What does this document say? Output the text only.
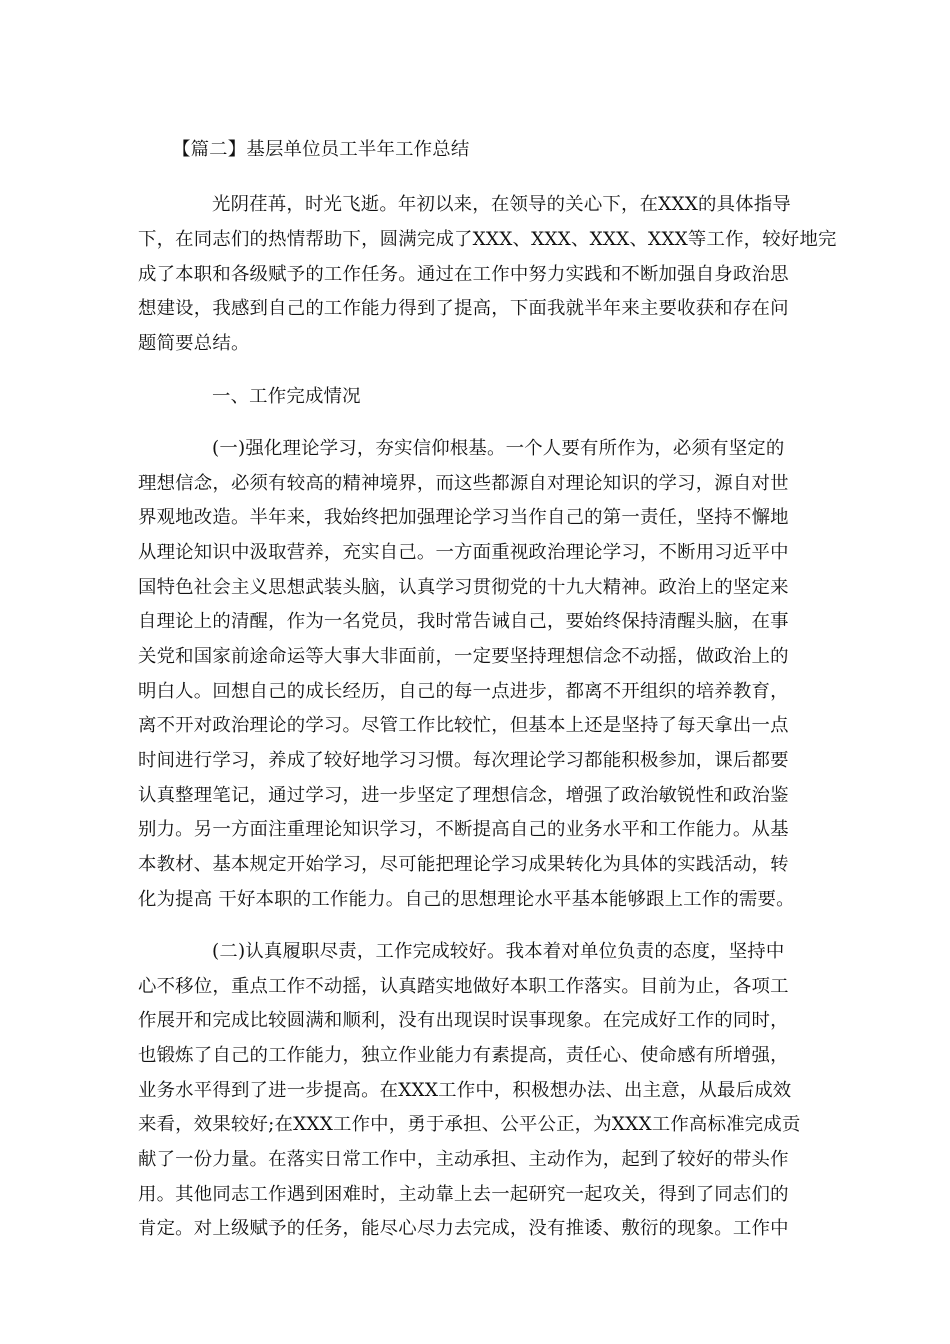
【篇二】基层单位员工半年工作总结
光阴荏苒，时光飞逝。年初以来，在领导的关心下，在XXX的具体指导
下，在同志们的热情帮助下，圆满完成了XXX、XXX、XXX、XXX等工作，较好地完
成了本职和各级赋予的工作任务。通过在工作中努力实践和不断加强自身政治思
想建设，我感到自己的工作能力得到了提高，下面我就半年来主要收获和存在问
题简要总结。
一、工作完成情况
(一)强化理论学习，夯实信仰根基。一个人要有所作为，必须有坚定的
理想信念，必须有较高的精神境界，而这些都源自对理论知识的学习，源自对世
界观地改造。半年来，我始终把加强理论学习当作自己的第一责任，坚持不懈地
从理论知识中汲取营养，充实自己。一方面重视政治理论学习，不断用习近平中
国特色社会主义思想武装头脑，认真学习贯彻党的十九大精神。政治上的坚定来
自理论上的清醒，作为一名党员，我时常告诫自己，要始终保持清醒头脑，在事
关党和国家前途命运等大事大非面前，一定要坚持理想信念不动摇，做政治上的
明白人。回想自己的成长经历，自己的每一点进步，都离不开组织的培养教育，
离不开对政治理论的学习。尽管工作比较忙，但基本上还是坚持了每天拿出一点
时间进行学习，养成了较好地学习习惯。每次理论学习都能积极参加，课后都要
认真整理笔记，通过学习，进一步坚定了理想信念，增强了政治敏锐性和政治鉴
别力。另一方面注重理论知识学习，不断提高自己的业务水平和工作能力。从基
本教材、基本规定开始学习，尽可能把理论学习成果转化为具体的实践活动，转
化为提高 干好本职的工作能力。自己的思想理论水平基本能够跟上工作的需要。
(二)认真履职尽责，工作完成较好。我本着对单位负责的态度，坚持中
心不移位，重点工作不动摇，认真踏实地做好本职工作落实。目前为止，各项工
作展开和完成比较圆满和顺利，没有出现误时误事现象。在完成好工作的同时，
也锻炼了自己的工作能力，独立作业能力有素提高，责任心、使命感有所增强，
业务水平得到了进一步提高。在XXX工作中，积极想办法、出主意，从最后成效
来看，效果较好;在XXX工作中，勇于承担、公平公正，为XXX工作高标准完成贡
献了一份力量。在落实日常工作中，主动承担、主动作为，起到了较好的带头作
用。其他同志工作遇到困难时，主动靠上去一起研究一起攻关，得到了同志们的
肯定。对上级赋予的任务，能尽心尽力去完成，没有推诿、敷衍的现象。工作中
